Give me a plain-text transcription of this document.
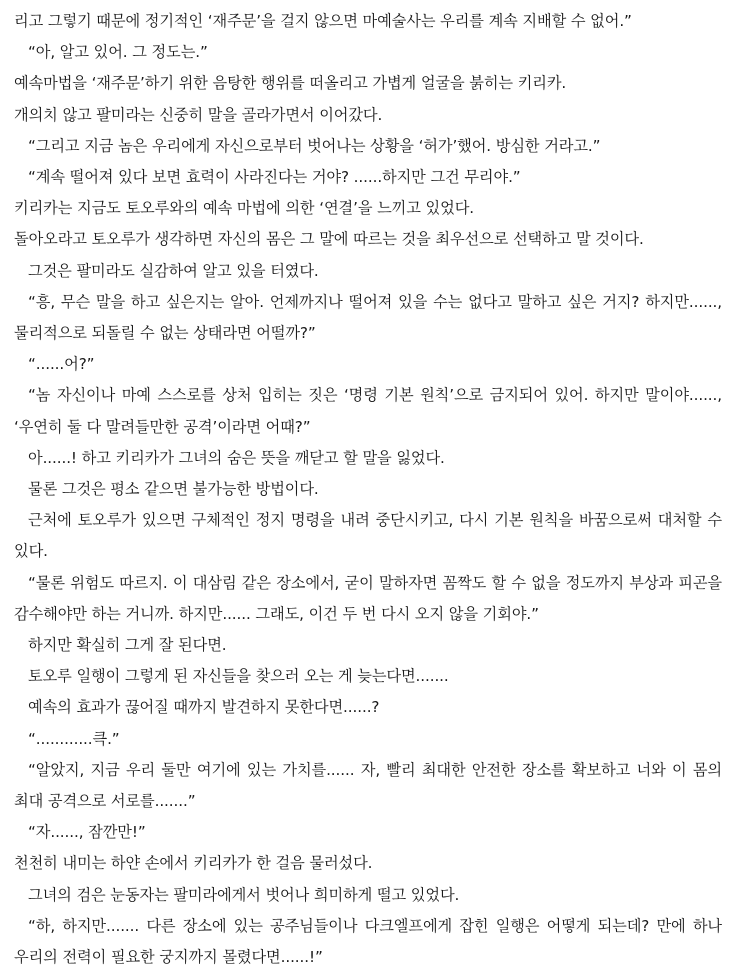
리고 그렇기 때문에 정기적인 ‘재주문’을 걸지 않으면 마예술사는 우리를 계속 지배할 수 없어.”

“아, 알고 있어. 그 정도는.”

예속마법을 ‘재주문’하기 위한 음탕한 행위를 떠올리고 가볍게 얼굴을 붉히는 키리카.

개의치 않고 팔미라는 신중히 말을 골라가면서 이어갔다.

“그리고 지금 놈은 우리에게 자신으로부터 벗어나는 상황을 ‘허가’했어. 방심한 거라고.”

“계속 떨어져 있다 보면 효력이 사라진다는 거야? ......하지만 그건 무리야.”

키리카는 지금도 토오루와의 예속 마법에 의한 ‘연결’을 느끼고 있었다.

돌아오라고 토오루가 생각하면 자신의 몸은 그 말에 따르는 것을 최우선으로 선택하고 말 것이다.

그것은 팔미라도 실감하여 알고 있을 터였다.

“흥, 무슨 말을 하고 싶은지는 알아. 언제까지나 떨어져 있을 수는 없다고 말하고 싶은 거지? 하지만......, 물리적으로 되돌릴 수 없는 상태라면 어떨까?”

“......어?”

“놈 자신이나 마예 스스로를 상처 입히는 짓은 ‘명령 기본 원칙’으로 금지되어 있어. 하지만 말이야......, ‘우연히 둘 다 말려들만한 공격’이라면 어때?”

아......! 하고 키리카가 그녀의 숨은 뜻을 깨닫고 할 말을 잃었다.

물론 그것은 평소 같으면 불가능한 방법이다.

근처에 토오루가 있으면 구체적인 정지 명령을 내려 중단시키고, 다시 기본 원칙을 바꿈으로써 대처할 수 있다.

“물론 위험도 따르지. 이 대삼림 같은 장소에서, 굳이 말하자면 꼼짝도 할 수 없을 정도까지 부상과 피곤을 감수해야만 하는 거니까. 하지만...... 그래도, 이건 두 번 다시 오지 않을 기회야.”

하지만 확실히 그게 잘 된다면.

토오루 일행이 그렇게 된 자신들을 찾으러 오는 게 늦는다면.......

예속의 효과가 끊어질 때까지 발견하지 못한다면......?

“............큭.”

“알았지, 지금 우리 둘만 여기에 있는 가치를...... 자, 빨리 최대한 안전한 장소를 확보하고 너와 이 몸의 최대 공격으로 서로를.......”

“자......, 잠깐만!”

천천히 내미는 하얀 손에서 키리카가 한 걸음 물러섰다.

그녀의 검은 눈동자는 팔미라에게서 벗어나 희미하게 떨고 있었다.

“하, 하지만....... 다른 장소에 있는 공주님들이나 다크엘프에게 잡힌 일행은 어떻게 되는데? 만에 하나 우리의 전력이 필요한 궁지까지 몰렸다면......!”
